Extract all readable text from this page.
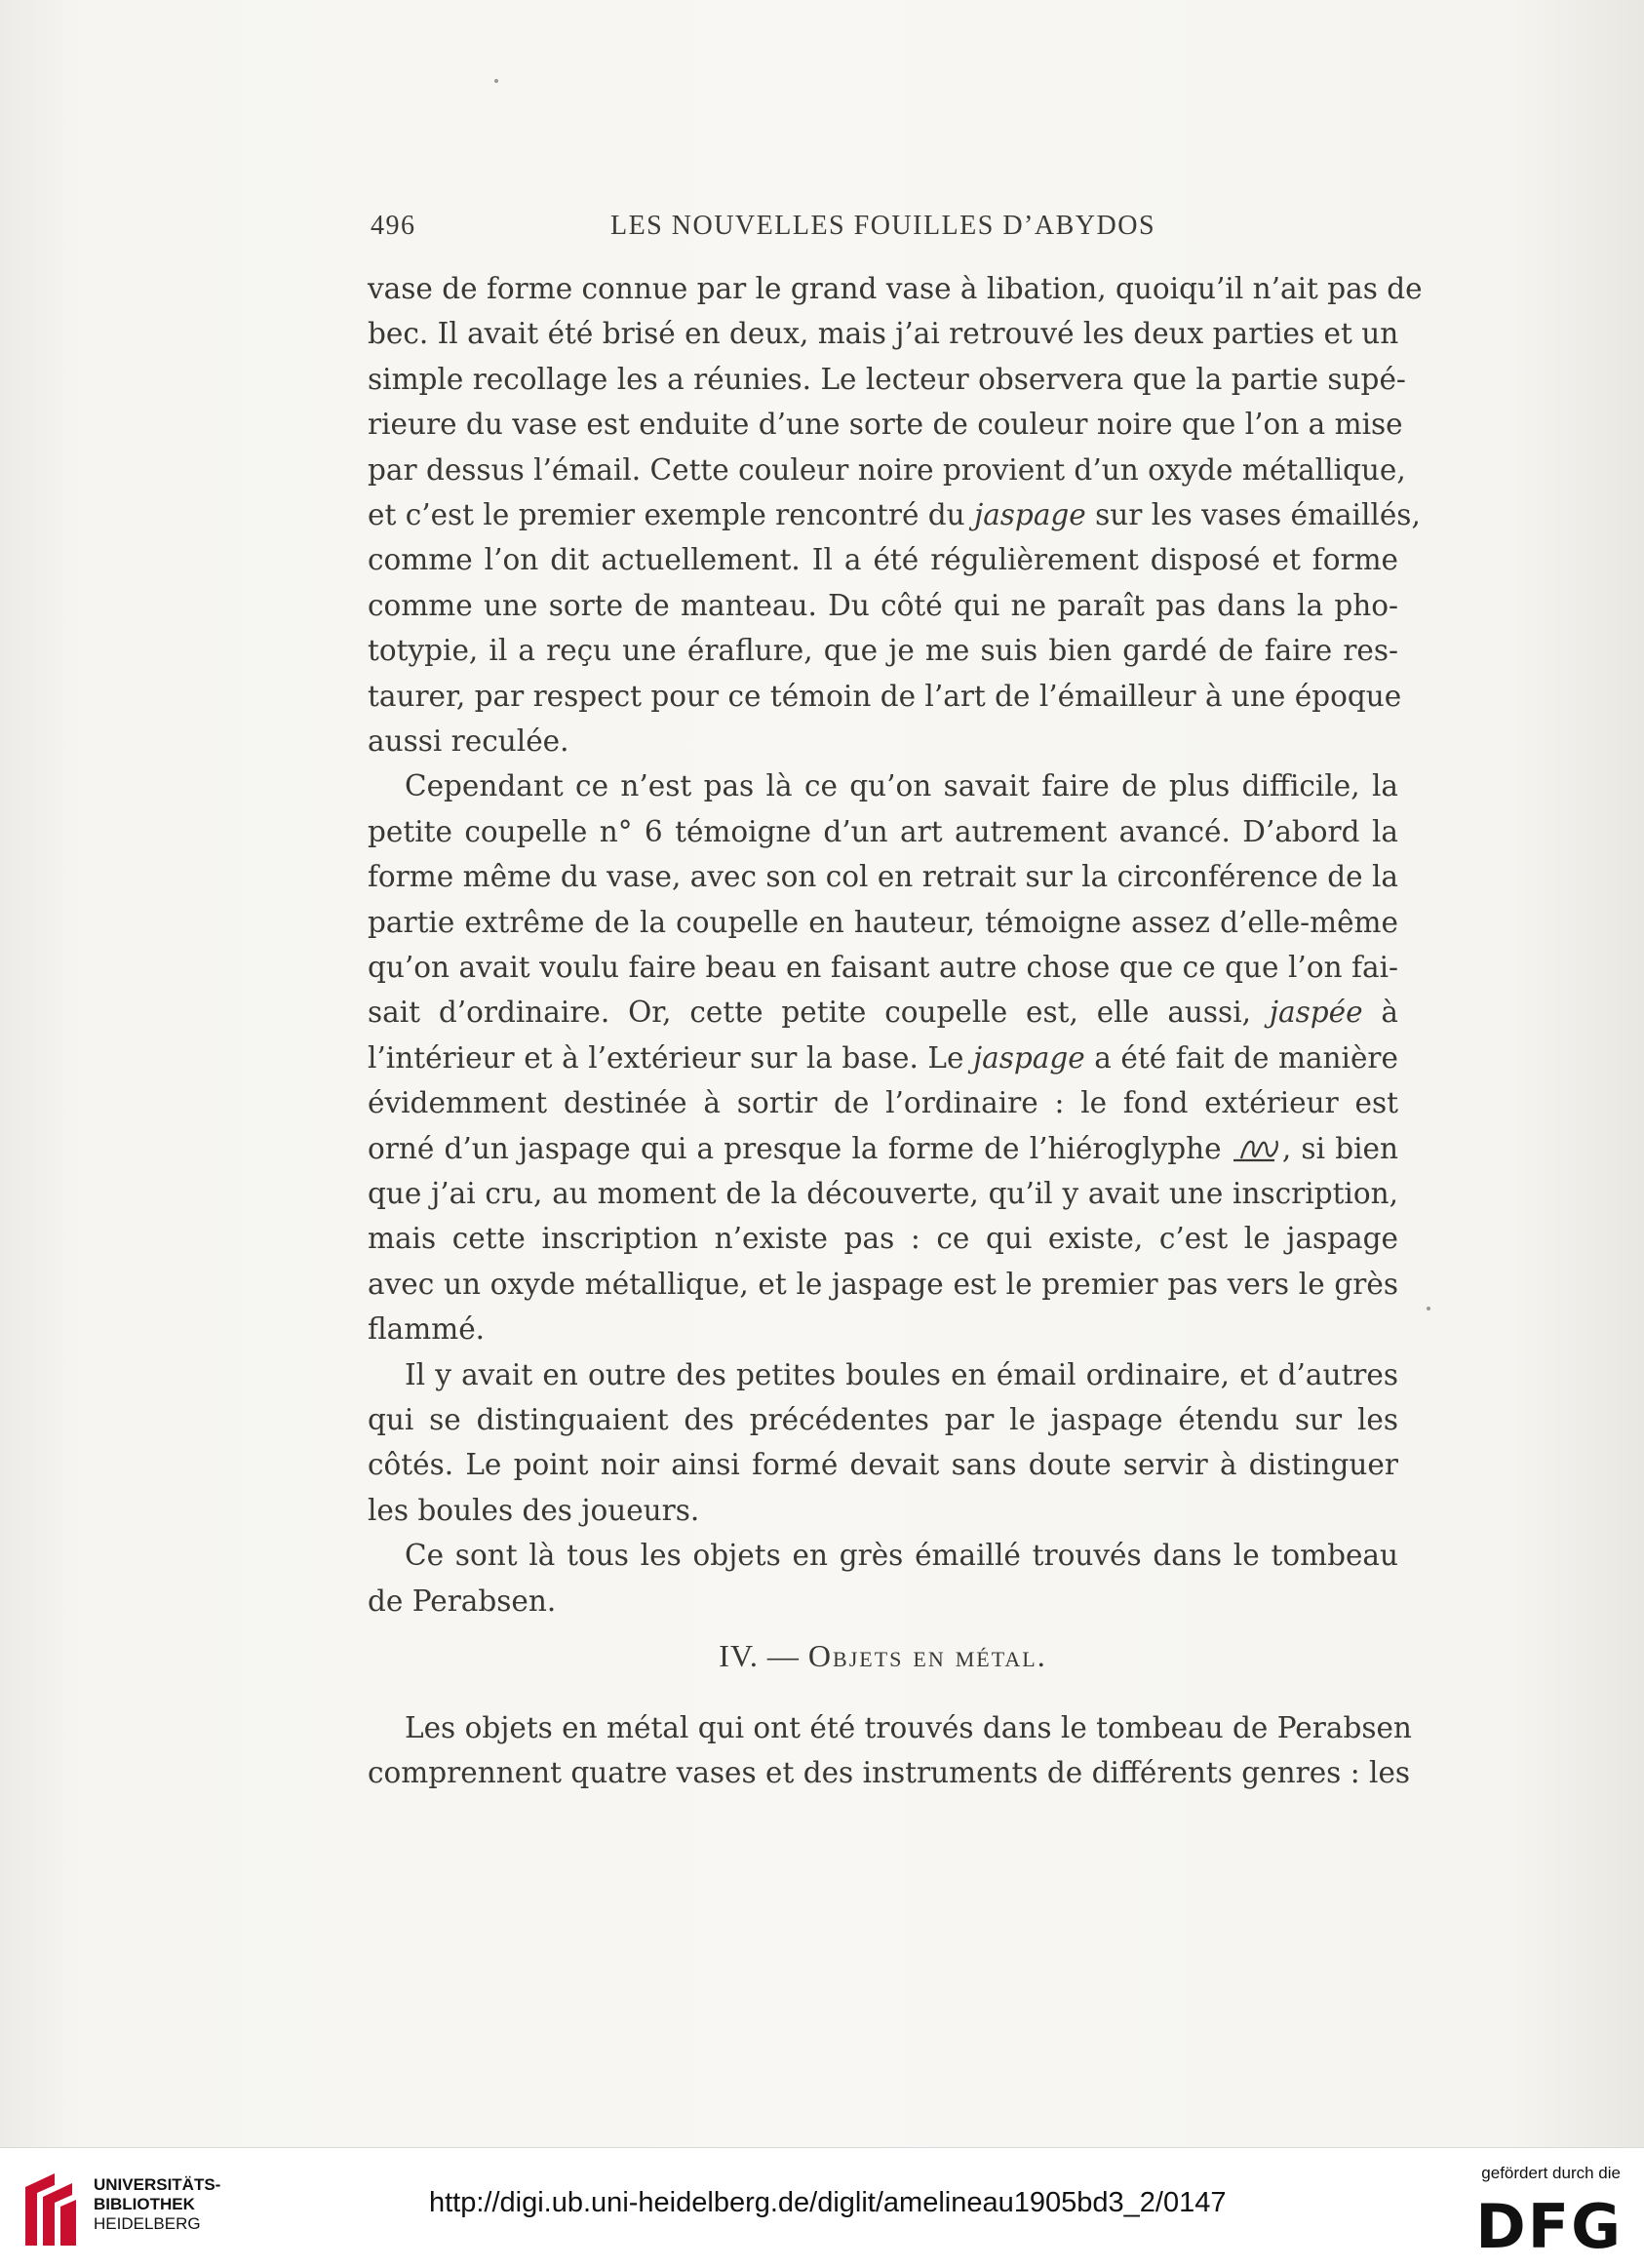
496	LES NOUVELLES FOUILLES D’ABYDOS
vase de forme connue par le grand vase à libation, quoiqu’il n’ait pas de
bec. Il avait été brisé en deux, mais j’ai retrouvé les deux parties et un
simple recollage les a réunies. Le lecteur observera que la partie supé-
rieure du vase est enduite d’une sorte de couleur noire que l’on a mise
par dessus l’émail. Cette couleur noire provient d’un oxyde métallique,
et c’est le premier exemple rencontré du jaspage sur les vases émaillés,
comme l’on dit actuellement. Il a été régulièrement disposé et forme
comme une sorte de manteau. Du côté qui ne paraît pas dans la pho-
totypie, il a reçu une éraflure, que je me suis bien gardé de faire res-
taurer, par respect pour ce témoin de l’art de l’émailleur à une époque
aussi reculée.
Cependant ce n’est pas là ce qu’on savait faire de plus difficile, la
petite coupelle n° 6 témoigne d’un art autrement avancé. D’abord la
forme même du vase, avec son col en retrait sur la circonférence de la
partie extrême de la coupelle en hauteur, témoigne assez d’elle-même
qu’on avait voulu faire beau en faisant autre chose que ce que l’on fai-
sait d’ordinaire. Or, cette petite coupelle est, elle aussi, jaspée à
l’intérieur et à l’extérieur sur la base. Le jaspage a été fait de manière
évidemment destinée à sortir de l’ordinaire : le fond extérieur est
orné d’un jaspage qui a presque la forme de l’hiéroglyphe , si bien
que j’ai cru, au moment de la découverte, qu’il y avait une inscription,
mais cette inscription n’existe pas : ce qui existe, c’est le jaspage
avec un oxyde métallique, et le jaspage est le premier pas vers le grès
flammé.
Il y avait en outre des petites boules en émail ordinaire, et d’autres
qui se distinguaient des précédentes par le jaspage étendu sur les
côtés. Le point noir ainsi formé devait sans doute servir à distinguer
les boules des joueurs.
Ce sont là tous les objets en grès émaillé trouvés dans le tombeau
de Perabsen.
IV. — Objets en métal.
Les objets en métal qui ont été trouvés dans le tombeau de Perabsen
comprennent quatre vases et des instruments de différents genres : les
UNIVERSITÄTS-
BIBLIOTHEK
HEIDELBERG
http://digi.ub.uni-heidelberg.de/diglit/amelineau1905bd3_2/0147
gefördert durch die
DFG
